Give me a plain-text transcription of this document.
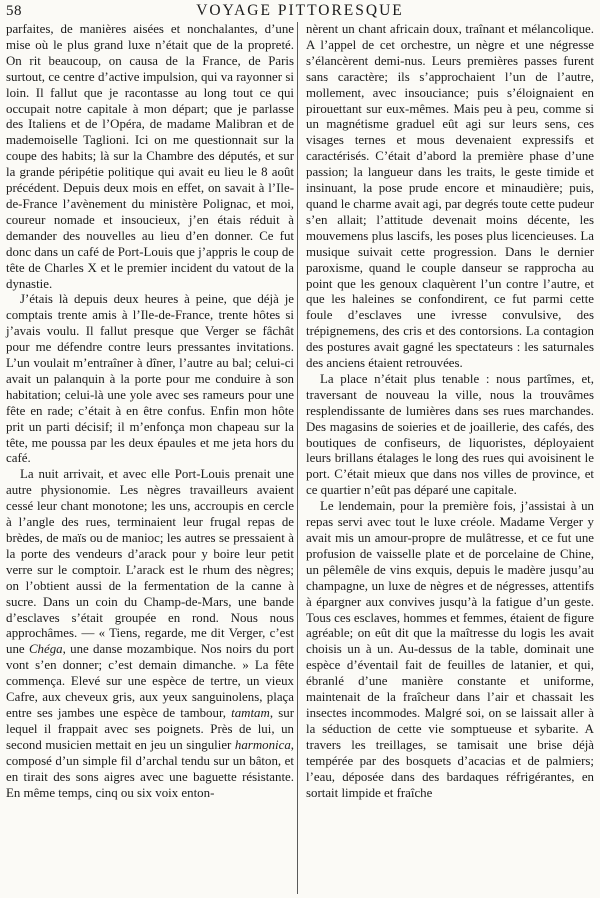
58	VOYAGE PITTORESQUE

parfaites, de manières aisées et nonchalantes, d’une mise où le plus grand luxe n’était que de la propreté. On rit beaucoup, on causa de la France, de Paris surtout, ce centre d’active impulsion, qui va rayonner si loin. Il fallut que je racontasse au long tout ce qui occupait notre capitale à mon départ; que je parlasse des Italiens et de l’Opéra, de madame Malibran et de mademoiselle Taglioni. Ici on me questionnait sur la coupe des habits; là sur la Chambre des députés, et sur la grande péripétie politique qui avait eu lieu le 8 août précédent. Depuis deux mois en effet, on savait à l’Ile-de-France l’avènement du ministère Polignac, et moi, coureur nomade et insoucieux, j’en étais réduit à demander des nouvelles au lieu d’en donner. Ce fut donc dans un café de Port-Louis que j’appris le coup de tête de Charles X et le premier incident du vatout de la dynastie.

J’étais là depuis deux heures à peine, que déjà je comptais trente amis à l’Ile-de-France, trente hôtes si j’avais voulu. Il fallut presque que Verger se fâchât pour me défendre contre leurs pressantes invitations. L’un voulait m’entraîner à dîner, l’autre au bal; celui-ci avait un palanquin à la porte pour me conduire à son habitation; celui-là une yole avec ses rameurs pour une fête en rade; c’était à en être confus. Enfin mon hôte prit un parti décisif; il m’enfonça mon chapeau sur la tête, me poussa par les deux épaules et me jeta hors du café.

La nuit arrivait, et avec elle Port-Louis prenait une autre physionomie. Les nègres travailleurs avaient cessé leur chant monotone; les uns, accroupis en cercle à l’angle des rues, terminaient leur frugal repas de brèdes, de maïs ou de manioc; les autres se pressaient à la porte des vendeurs d’arack pour y boire leur petit verre sur le comptoir. L’arack est le rhum des nègres; on l’obtient aussi de la fermentation de la canne à sucre. Dans un coin du Champ-de-Mars, une bande d’esclaves s’était groupée en rond. Nous nous approchâmes. — « Tiens, regarde, me dit Verger, c’est une Chéga, une danse mozambique. Nos noirs du port vont s’en donner; c’est demain dimanche. » La fête commença. Elevé sur une espèce de tertre, un vieux Cafre, aux cheveux gris, aux yeux sanguinolens, plaça entre ses jambes une espèce de tambour, tamtam, sur lequel il frappait avec ses poignets. Près de lui, un second musicien mettait en jeu un singulier harmonica, composé d’un simple fil d’archal tendu sur un bâton, et en tirait des sons aigres avec une baguette résistante. En même temps, cinq ou six voix enton-

nèrent un chant africain doux, traînant et mélancolique. A l’appel de cet orchestre, un nègre et une négresse s’élancèrent demi-nus. Leurs premières passes furent sans caractère; ils s’approchaient l’un de l’autre, mollement, avec insouciance; puis s’éloignaient en pirouettant sur eux-mêmes. Mais peu à peu, comme si un magnétisme graduel eût agi sur leurs sens, ces visages ternes et mous devenaient expressifs et caractérisés. C’était d’abord la première phase d’une passion; la langueur dans les traits, le geste timide et insinuant, la pose prude encore et minaudière; puis, quand le charme avait agi, par degrés toute cette pudeur s’en allait; l’attitude devenait moins décente, les mouvemens plus lascifs, les poses plus licencieuses. La musique suivait cette progression. Dans le dernier paroxisme, quand le couple danseur se rapprocha au point que les genoux claquèrent l’un contre l’autre, et que les haleines se confondirent, ce fut parmi cette foule d’esclaves une ivresse convulsive, des trépignemens, des cris et des contorsions. La contagion des postures avait gagné les spectateurs : les saturnales des anciens étaient retrouvées.

La place n’était plus tenable : nous partîmes, et, traversant de nouveau la ville, nous la trouvâmes resplendissante de lumières dans ses rues marchandes. Des magasins de soieries et de joaillerie, des cafés, des boutiques de confiseurs, de liquoristes, déployaient leurs brillans étalages le long des rues qui avoisinent le port. C’était mieux que dans nos villes de province, et ce quartier n’eût pas déparé une capitale.

Le lendemain, pour la première fois, j’assistai à un repas servi avec tout le luxe créole. Madame Verger y avait mis un amour-propre de mulâtresse, et ce fut une profusion de vaisselle plate et de porcelaine de Chine, un pêlemêle de vins exquis, depuis le madère jusqu’au champagne, un luxe de nègres et de négresses, attentifs à épargner aux convives jusqu’à la fatigue d’un geste. Tous ces esclaves, hommes et femmes, étaient de figure agréable; on eût dit que la maîtresse du logis les avait choisis un à un. Au-dessus de la table, dominait une espèce d’éventail fait de feuilles de latanier, et qui, ébranlé d’une manière constante et uniforme, maintenait de la fraîcheur dans l’air et chassait les insectes incommodes. Malgré soi, on se laissait aller à la séduction de cette vie somptueuse et sybarite. A travers les treillages, se tamisait une brise déjà tempérée par des bosquets d’acacias et de palmiers; l’eau, déposée dans des bardaques réfrigérantes, en sortait limpide et fraîche
